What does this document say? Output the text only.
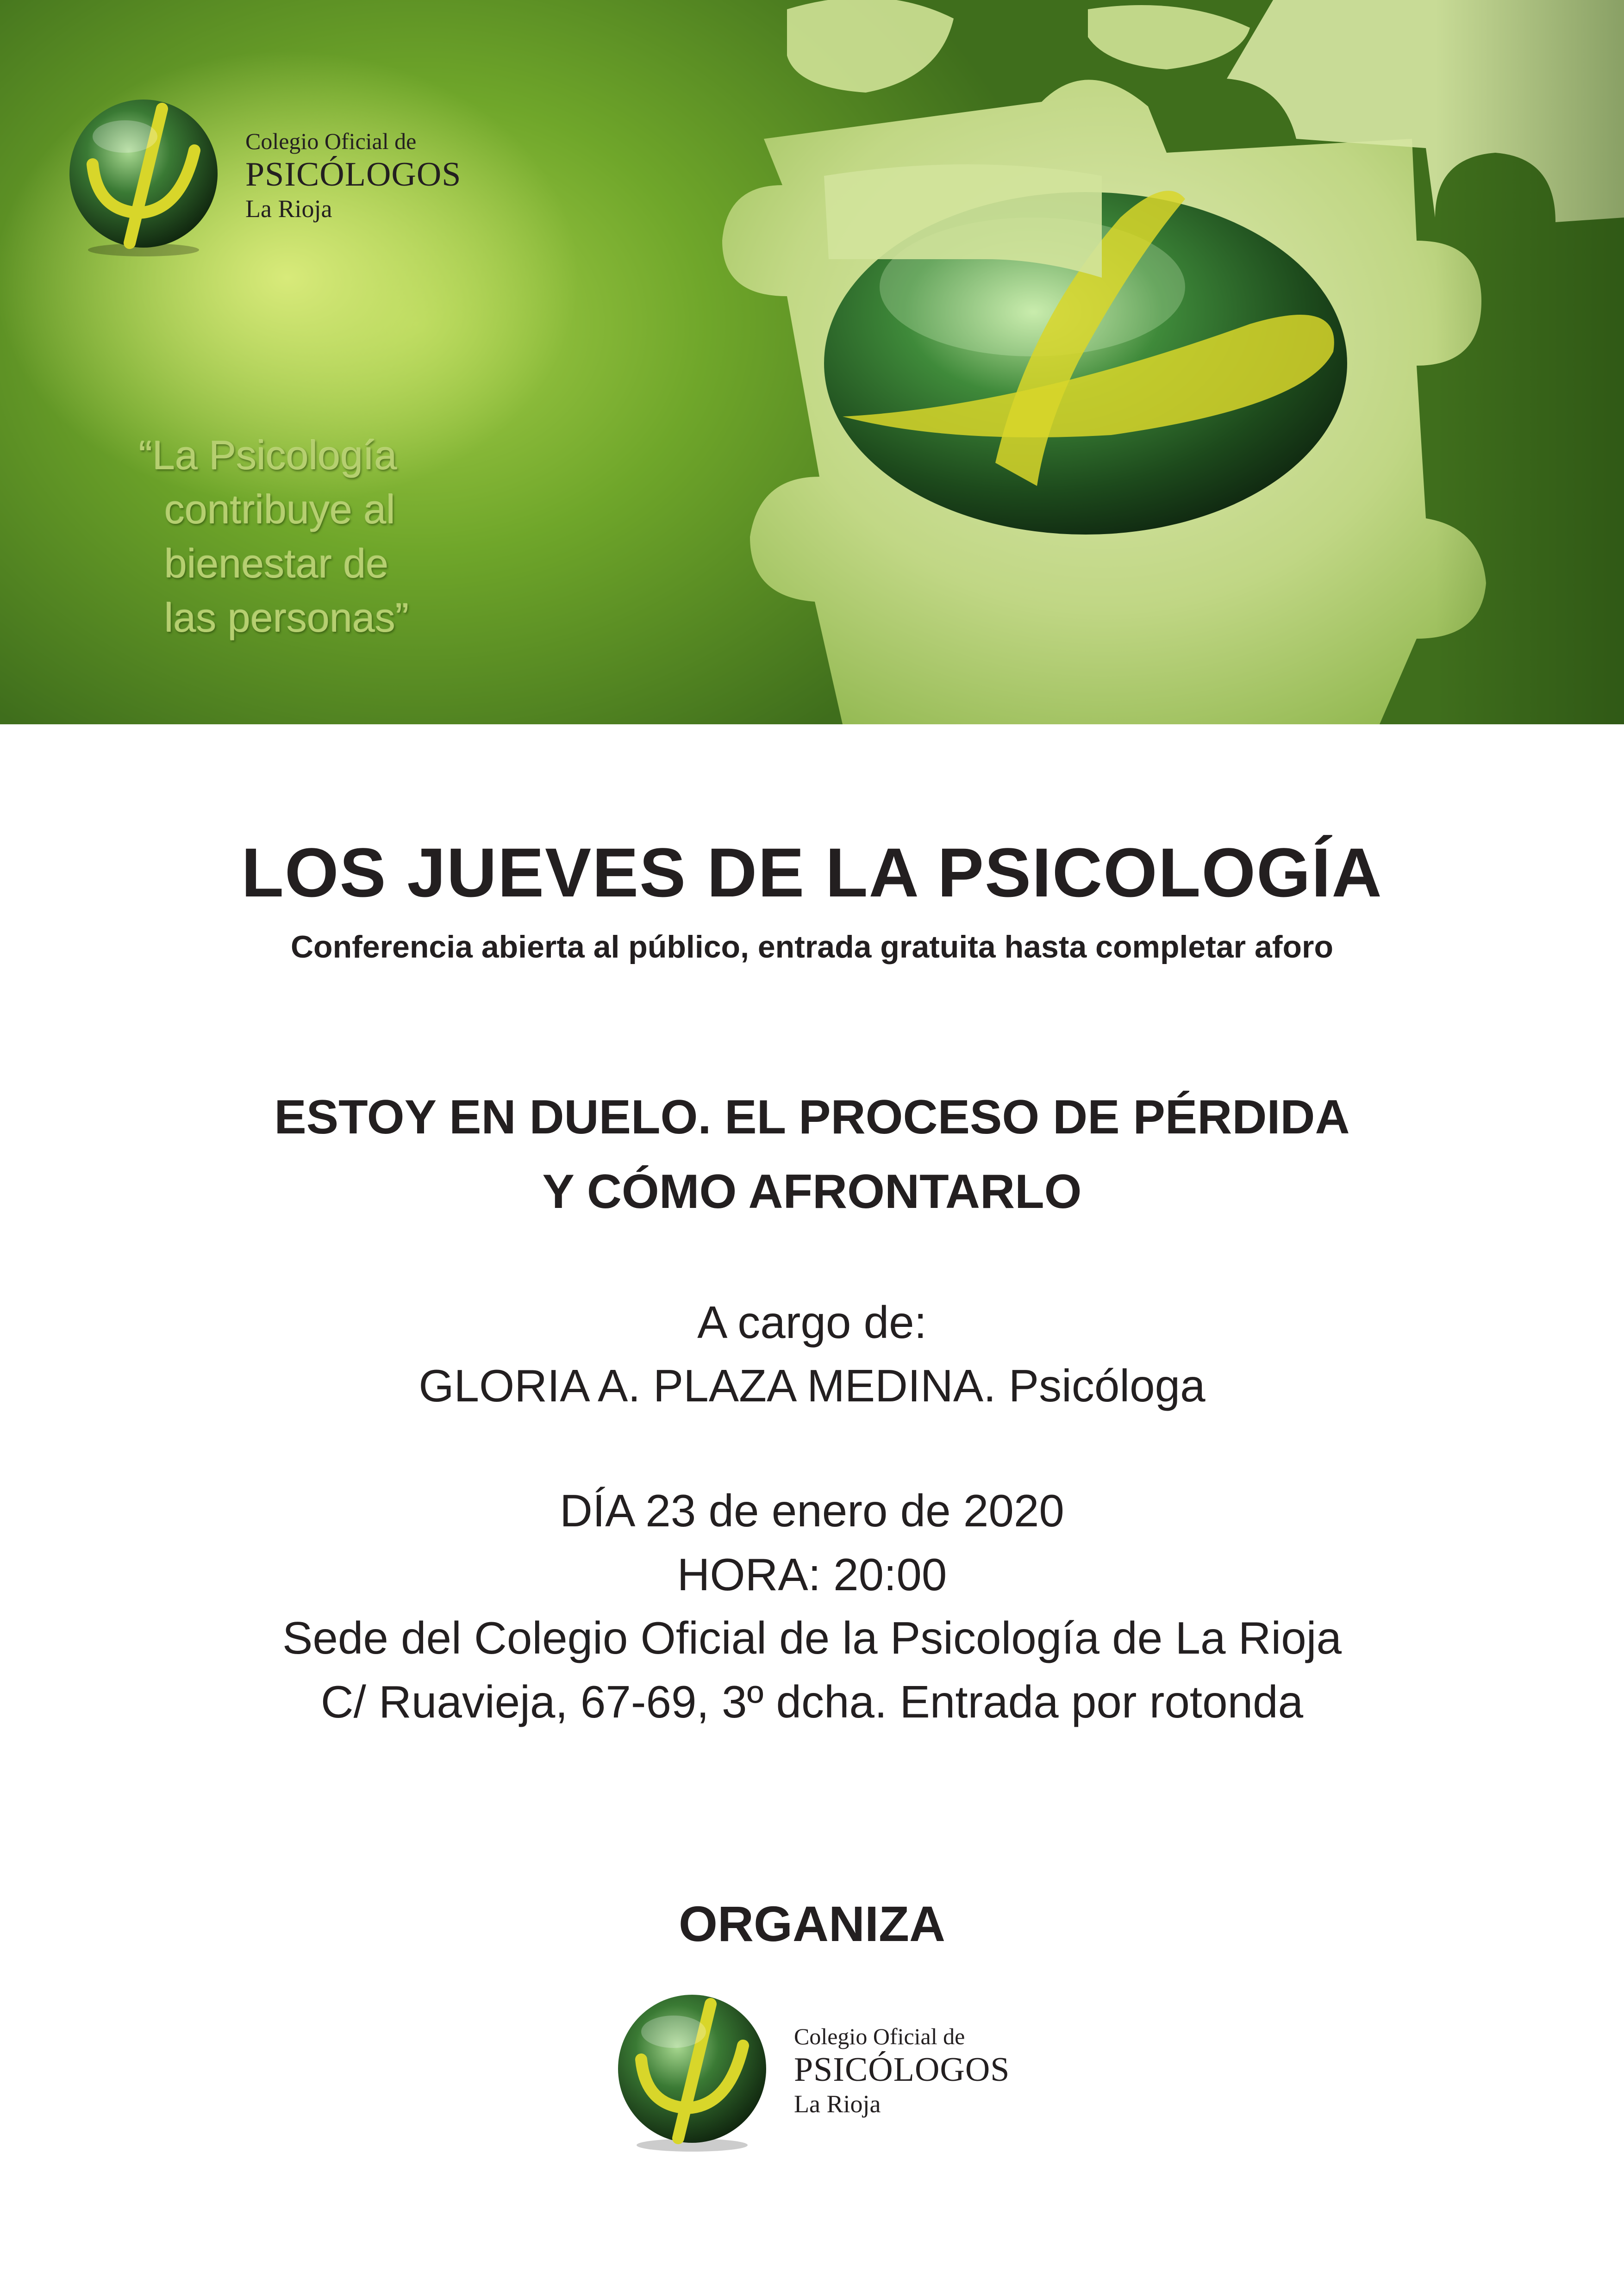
Colegio Oficial de
PSICÓLOGOS
La Rioja
“La Psicología
contribuye al
bienestar de
las personas”
LOS JUEVES DE LA PSICOLOGÍA
Conferencia abierta al público, entrada gratuita hasta completar aforo
ESTOY EN DUELO. EL PROCESO DE PÉRDIDA
Y CÓMO AFRONTARLO
A cargo de:
GLORIA A. PLAZA MEDINA. Psicóloga
DÍA 23 de enero de 2020
HORA: 20:00
Sede del Colegio Oficial de la Psicología de La Rioja
C/ Ruavieja, 67-69, 3º dcha. Entrada por rotonda
ORGANIZA
Colegio Oficial de
PSICÓLOGOS
La Rioja
